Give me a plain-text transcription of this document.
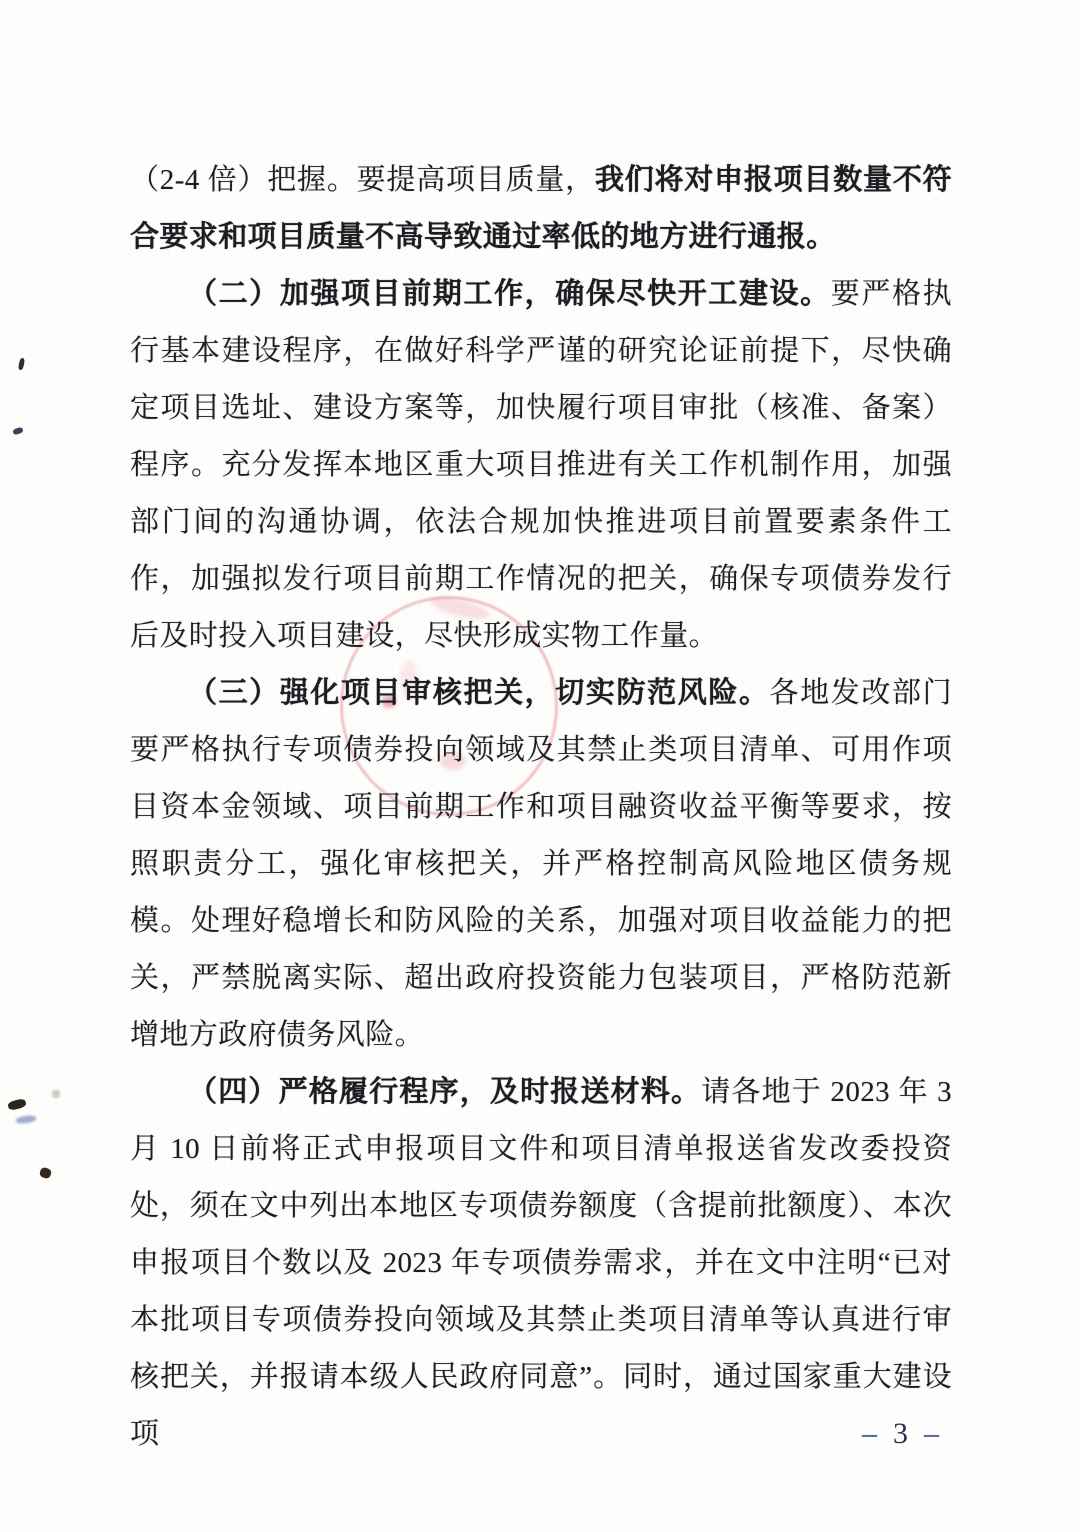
（2-4 倍）把握。要提高项目质量，我们将对申报项目数量不符合要求和项目质量不高导致通过率低的地方进行通报。

（二）加强项目前期工作，确保尽快开工建设。要严格执行基本建设程序，在做好科学严谨的研究论证前提下，尽快确定项目选址、建设方案等，加快履行项目审批（核准、备案）程序。充分发挥本地区重大项目推进有关工作机制作用，加强部门间的沟通协调，依法合规加快推进项目前置要素条件工作，加强拟发行项目前期工作情况的把关，确保专项债券发行后及时投入项目建设，尽快形成实物工作量。

（三）强化项目审核把关，切实防范风险。各地发改部门要严格执行专项债券投向领域及其禁止类项目清单、可用作项目资本金领域、项目前期工作和项目融资收益平衡等要求，按照职责分工，强化审核把关，并严格控制高风险地区债务规模。处理好稳增长和防风险的关系，加强对项目收益能力的把关，严禁脱离实际、超出政府投资能力包装项目，严格防范新增地方政府债务风险。

（四）严格履行程序，及时报送材料。请各地于 2023 年 3 月 10 日前将正式申报项目文件和项目清单报送省发改委投资处，须在文中列出本地区专项债券额度（含提前批额度）、本次申报项目个数以及 2023 年专项债券需求，并在文中注明“已对本批项目专项债券投向领域及其禁止类项目清单等认真进行审核把关，并报请本级人民政府同意”。同时，通过国家重大建设项	– 3 –
